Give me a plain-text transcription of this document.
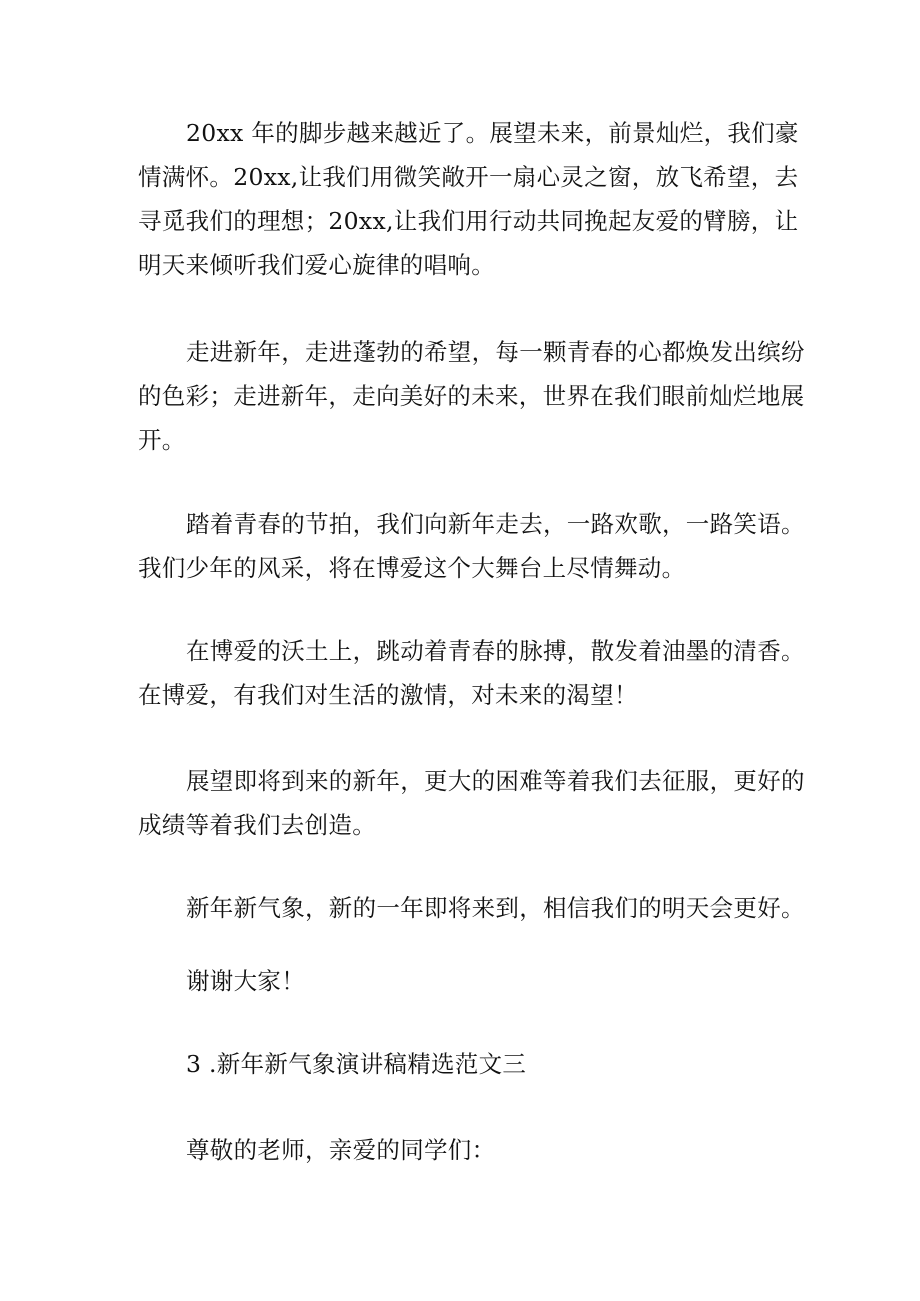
20xx 年的脚步越来越近了。展望未来，前景灿烂，我们豪
情满怀。20xx,让我们用微笑敞开一扇心灵之窗，放飞希望，去
寻觅我们的理想；20xx,让我们用行动共同挽起友爱的臂膀，让
明天来倾听我们爱心旋律的唱响。
走进新年，走进蓬勃的希望，每一颗青春的心都焕发出缤纷
的色彩；走进新年，走向美好的未来，世界在我们眼前灿烂地展
开。
踏着青春的节拍，我们向新年走去，一路欢歌，一路笑语。
我们少年的风采，将在博爱这个大舞台上尽情舞动。
在博爱的沃土上，跳动着青春的脉搏，散发着油墨的清香。
在博爱，有我们对生活的激情，对未来的渴望！
展望即将到来的新年，更大的困难等着我们去征服，更好的
成绩等着我们去创造。
新年新气象，新的一年即将来到，相信我们的明天会更好。
谢谢大家！
3 .新年新气象演讲稿精选范文三
尊敬的老师，亲爱的同学们：
